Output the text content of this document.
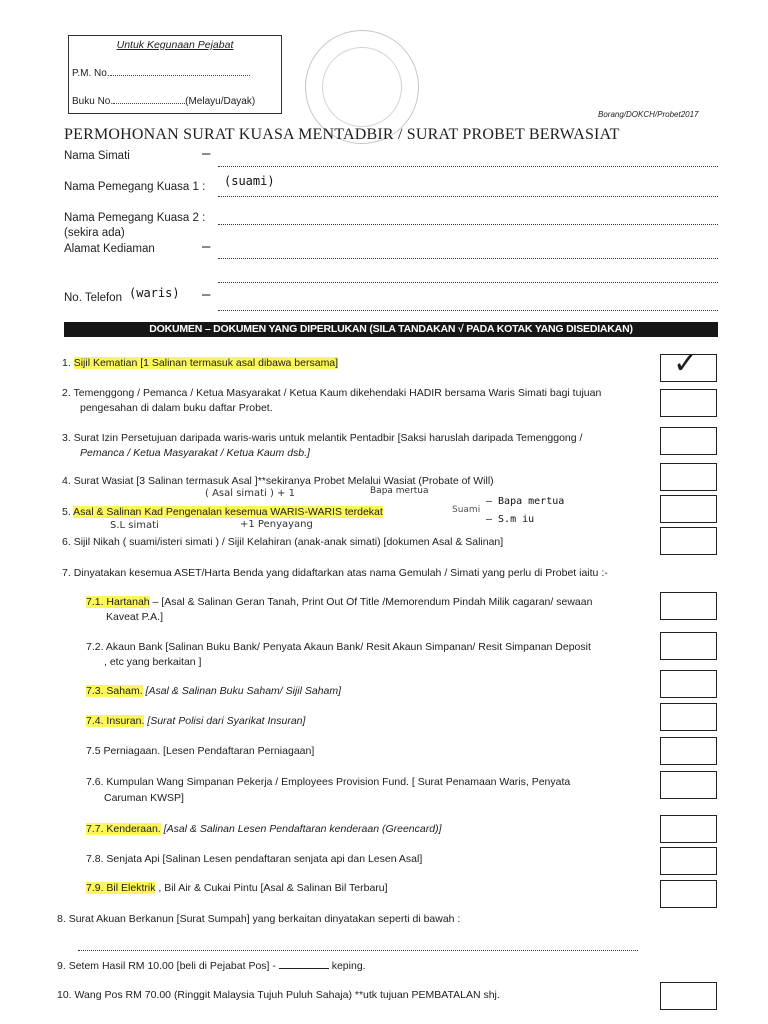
Untuk Kegunaan Pejabat
P.M. No.
Buku No.	(Melayu/Dayak)
Borang/DOKCH/Probet2017
PERMOHONAN SURAT KUASA MENTADBIR / SURAT PROBET BERWASIAT
Nama Simati	—
Nama Pemegang Kuasa 1 : (suami)
Nama Pemegang Kuasa 2 :
(sekira ada)
Alamat Kediaman	—
No. Telefon (waris) —
DOKUMEN – DOKUMEN YANG DIPERLUKAN (SILA TANDAKAN √ PADA KOTAK YANG DISEDIAKAN)
1. Sijil Kematian [1 Salinan termasuk asal dibawa bersama]
2. Temenggong / Pemanca / Ketua Masyarakat / Ketua Kaum dikehendaki HADIR bersama Waris Simati bagi tujuan
pengesahan di dalam buku daftar Probet.
3. Surat Izin Persetujuan daripada waris-waris untuk melantik Pentadbir [Saksi haruslah daripada Temenggong /
Pemanca / Ketua Masyarakat / Ketua Kaum dsb.]
4. Surat Wasiat [3 Salinan termasuk Asal ]**sekiranya Probet Melalui Wasiat (Probate of Will)
( Asal simati ) + 1	Bapa mertua
5. Asal & Salinan Kad Pengenalan kesemua WARIS-WARIS terdekat	Suami
— Bapa mertua
— S.m iu
S.L simati	+1 Penyayang
6. Sijil Nikah ( suami/isteri simati ) / Sijil Kelahiran (anak-anak simati) [dokumen Asal & Salinan]
7. Dinyatakan kesemua ASET/Harta Benda yang didaftarkan atas nama Gemulah / Simati yang perlu di Probet iaitu :-
7.1. Hartanah – [Asal & Salinan Geran Tanah, Print Out Of Title /Memorendum Pindah Milik cagaran/ sewaan
Kaveat P.A.]
7.2. Akaun Bank [Salinan Buku Bank/ Penyata Akaun Bank/ Resit Akaun Simpanan/ Resit Simpanan Deposit
, etc yang berkaitan ]
7.3. Saham. [Asal & Salinan Buku Saham/ Sijil Saham]
7.4. Insuran. [Surat Polisi dari Syarikat Insuran]
7.5 Perniagaan. [Lesen Pendaftaran Perniagaan]
7.6. Kumpulan Wang Simpanan Pekerja / Employees Provision Fund. [ Surat Penamaan Waris, Penyata
Caruman KWSP]
7.7. Kenderaan. [Asal & Salinan Lesen Pendaftaran kenderaan (Greencard)]
7.8. Senjata Api [Salinan Lesen pendaftaran senjata api dan Lesen Asal]
7.9. Bil Elektrik , Bil Air & Cukai Pintu [Asal & Salinan Bil Terbaru]
8. Surat Akuan Berkanun [Surat Sumpah] yang berkaitan dinyatakan seperti di bawah :
9. Setem Hasil RM 10.00 [beli di Pejabat Pos] -	keping.
10. Wang Pos RM 70.00 (Ringgit Malaysia Tujuh Puluh Sahaja) **utk tujuan PEMBATALAN shj.
✓
